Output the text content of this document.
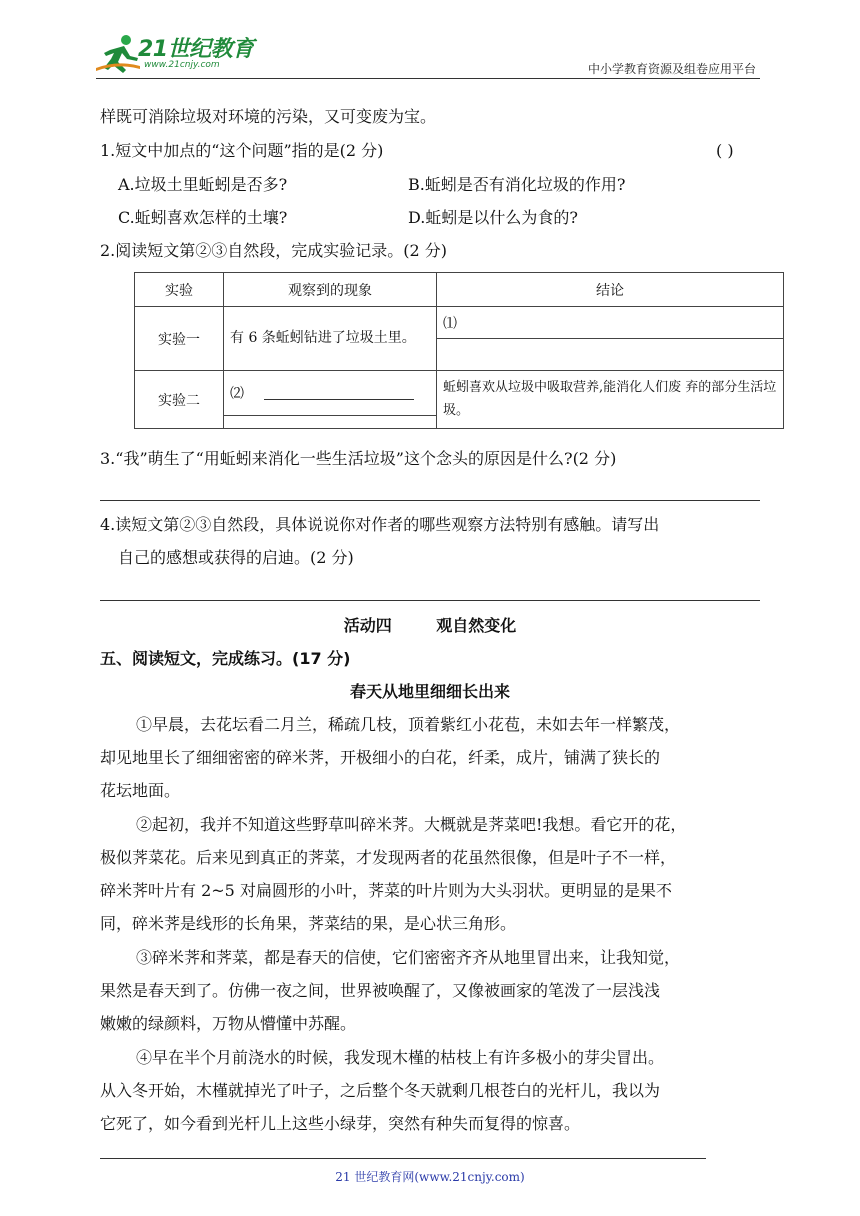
21世纪教育
www.21cnjy.com	中小学教育资源及组卷应用平台
样既可消除垃圾对环境的污染，又可变废为宝。
1.短文中加点的“这个问题”指的是(2 分)	( )
A.垃圾土里蚯蚓是否多?	B.蚯蚓是否有消化垃圾的作用?
C.蚯蚓喜欢怎样的土壤?	D.蚯蚓是以什么为食的?
2.阅读短文第②③自然段，完成实验记录。(2 分)
实验	观察到的现象	结论
实验一	有 6 条蚯蚓钻进了垃圾土里。	⑴

实验二	⑵	蚯蚓喜欢从垃圾中吸取营养,能消化人们废 弃的部分生活垃圾。
3.“我”萌生了“用蚯蚓来消化一些生活垃圾”这个念头的原因是什么?(2 分)
4.读短文第②③自然段，具体说说你对作者的哪些观察方法特别有感触。请写出
自己的感想或获得的启迪。(2 分)
活动四        观自然变化
五、阅读短文，完成练习。(17 分)
春天从地里细细长出来
①早晨，去花坛看二月兰，稀疏几枝，顶着紫红小花苞，未如去年一样繁茂，
却见地里长了细细密密的碎米荠，开极细小的白花，纤柔，成片，铺满了狭长的
花坛地面。
②起初，我并不知道这些野草叫碎米荠。大概就是荠菜吧!我想。看它开的花，
极似荠菜花。后来见到真正的荠菜，才发现两者的花虽然很像，但是叶子不一样，
碎米荠叶片有 2~5 对扁圆形的小叶，荠菜的叶片则为大头羽状。更明显的是果不
同，碎米荠是线形的长角果，荠菜结的果，是心状三角形。
③碎米荠和荠菜，都是春天的信使，它们密密齐齐从地里冒出来，让我知觉，
果然是春天到了。仿佛一夜之间，世界被唤醒了，又像被画家的笔泼了一层浅浅
嫩嫩的绿颜料，万物从懵懂中苏醒。
④早在半个月前浇水的时候，我发现木槿的枯枝上有许多极小的芽尖冒出。
从入冬开始，木槿就掉光了叶子，之后整个冬天就剩几根苍白的光杆儿，我以为
它死了，如今看到光杆儿上这些小绿芽，突然有种失而复得的惊喜。
21 世纪教育网(www.21cnjy.com)
